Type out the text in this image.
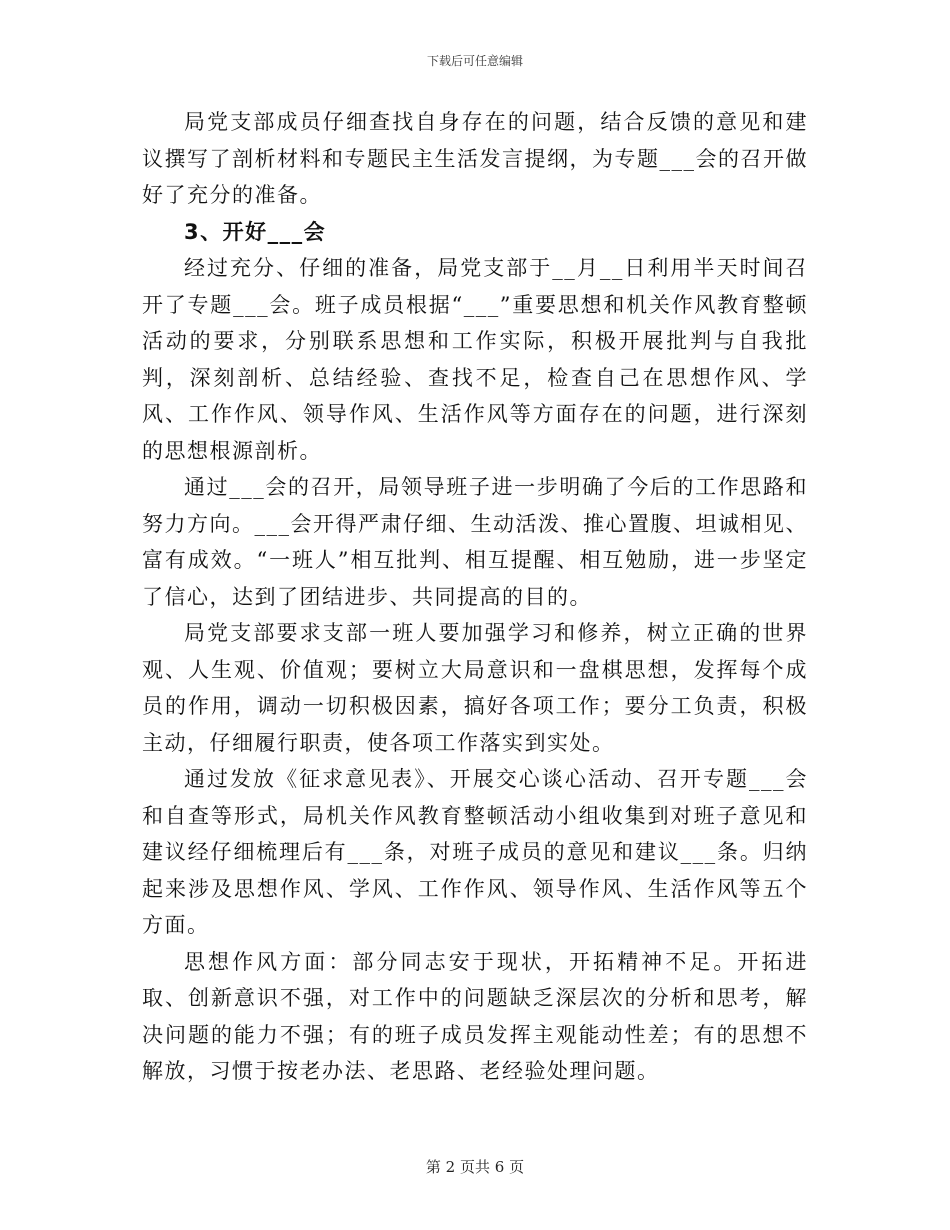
下载后可任意编辑

局党支部成员仔细查找自身存在的问题，结合反馈的意见和建议撰写了剖析材料和专题民主生活发言提纲，为专题___会的召开做好了充分的准备。

3、开好___会

经过充分、仔细的准备，局党支部于__月__日利用半天时间召开了专题___会。班子成员根据“___”重要思想和机关作风教育整顿活动的要求，分别联系思想和工作实际，积极开展批判与自我批判，深刻剖析、总结经验、查找不足，检查自己在思想作风、学风、工作作风、领导作风、生活作风等方面存在的问题，进行深刻的思想根源剖析。

通过___会的召开，局领导班子进一步明确了今后的工作思路和努力方向。___会开得严肃仔细、生动活泼、推心置腹、坦诚相见、富有成效。“一班人”相互批判、相互提醒、相互勉励，进一步坚定了信心，达到了团结进步、共同提高的目的。

局党支部要求支部一班人要加强学习和修养，树立正确的世界观、人生观、价值观；要树立大局意识和一盘棋思想，发挥每个成员的作用，调动一切积极因素，搞好各项工作；要分工负责，积极主动，仔细履行职责，使各项工作落实到实处。

通过发放《征求意见表》、开展交心谈心活动、召开专题___会和自查等形式，局机关作风教育整顿活动小组收集到对班子意见和建议经仔细梳理后有___条，对班子成员的意见和建议___条。归纳起来涉及思想作风、学风、工作作风、领导作风、生活作风等五个方面。

思想作风方面：部分同志安于现状，开拓精神不足。开拓进取、创新意识不强，对工作中的问题缺乏深层次的分析和思考，解决问题的能力不强；有的班子成员发挥主观能动性差；有的思想不解放，习惯于按老办法、老思路、老经验处理问题。

第 2 页共 6 页
